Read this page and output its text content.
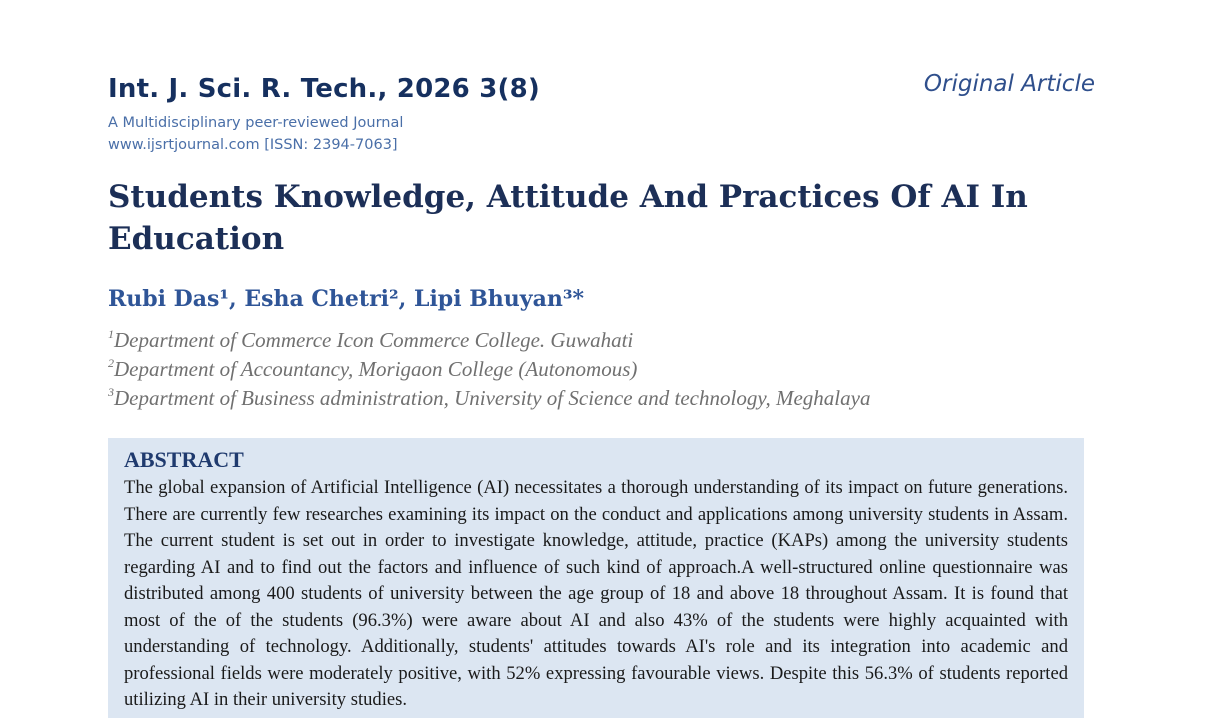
Int. J. Sci. R. Tech., 2026 3(8)
A Multidisciplinary peer-reviewed Journal
www.ijsrtjournal.com [ISSN: 2394-7063]
Original Article
Students Knowledge, Attitude And Practices Of AI In Education
Rubi Das¹, Esha Chetri², Lipi Bhuyan³*
$^1$Department of Commerce Icon Commerce College. Guwahati
$^2$Department of Accountancy, Morigaon College (Autonomous)
$^3$Department of Business administration, University of Science and technology, Meghalaya
ABSTRACT

The global expansion of Artificial Intelligence (AI) necessitates a thorough understanding of its impact on future generations. There are currently few researches examining its impact on the conduct and applications among university students in Assam. The current student is set out in order to investigate knowledge, attitude, practice (KAPs) among the university students regarding AI and to find out the factors and influence of such kind of approach.A well-structured online questionnaire was distributed among 400 students of university between the age group of 18 and above 18 throughout Assam. It is found that most of the of the students (96.3%) were aware about AI and also 43% of the students were highly acquainted with understanding of technology. Additionally, students' attitudes towards AI's role and its integration into academic and professional fields were moderately positive, with 52% expressing favourable views. Despite this 56.3% of students reported utilizing AI in their university studies.
